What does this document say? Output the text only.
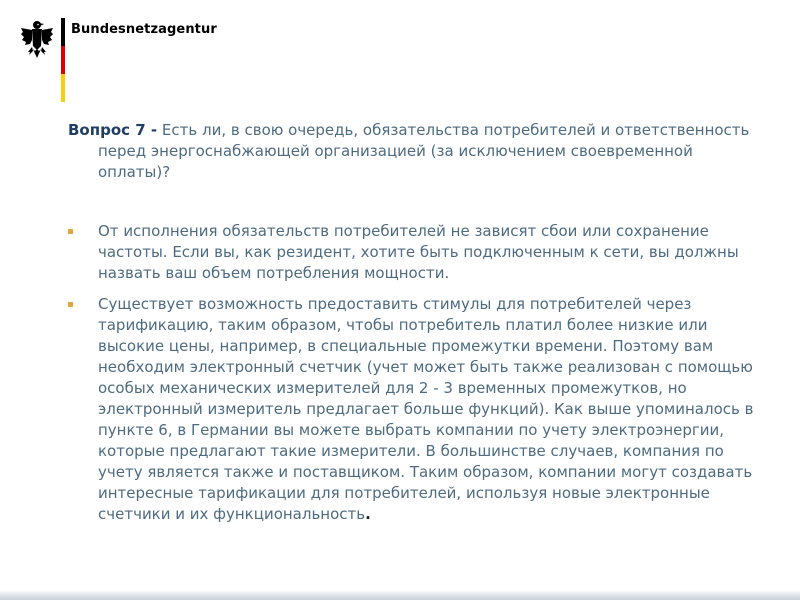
Bundesnetzagentur
Вопрос 7 - Есть ли, в свою очередь, обязательства потребителей и ответственность
перед энергоснабжающей организацией (за исключением своевременной
оплаты)?
От исполнения обязательств потребителей не зависят сбои или сохранение
частоты. Если вы, как резидент, хотите быть подключенным к сети, вы должны
назвать ваш объем потребления мощности.
Существует возможность предоставить стимулы для потребителей через
тарификацию, таким образом, чтобы потребитель платил более низкие или
высокие цены, например, в специальные промежутки времени. Поэтому вам
необходим электронный счетчик (учет может быть также реализован с помощью
особых механических измерителей для 2 - 3 временных промежутков, но
электронный измеритель предлагает больше функций). Как выше упоминалось в
пункте 6, в Германии вы можете выбрать компании по учету электроэнергии,
которые предлагают такие измерители. В большинстве случаев, компания по
учету является также и поставщиком. Таким образом, компании могут создавать
интересные тарификации для потребителей, используя новые электронные
счетчики и их функциональность.
